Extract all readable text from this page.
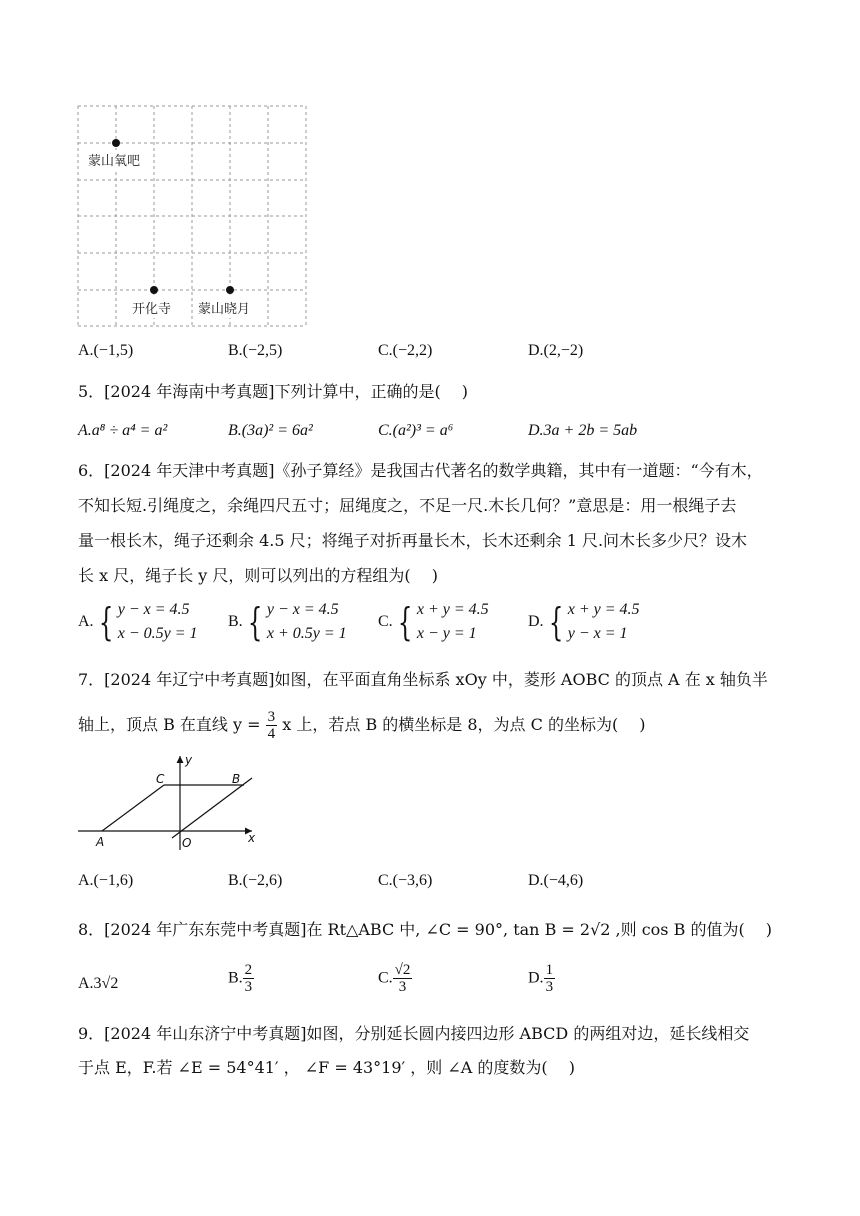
蒙山氧吧
开化寺 蒙山晓月
A.(−1,5)	B.(−2,5)	C.(−2,2)	D.(2,−2)
5．[2024 年海南中考真题]下列计算中，正确的是(　 )
A.a⁸ ÷ a⁴ = a²	B.(3a)² = 6a²	C.(a²)³ = a⁶	D.3a + 2b = 5ab
6．[2024 年天津中考真题]《孙子算经》是我国古代著名的数学典籍，其中有一道题：“今有木，
不知长短.引绳度之，余绳四尺五寸；屈绳度之，不足一尺.木长几何？”意思是：用一根绳子去
量一根长木，绳子还剩余 4.5 尺；将绳子对折再量长木，长木还剩余 1 尺.问木长多少尺？设木
长 x 尺，绳子长 y 尺，则可以列出的方程组为(　 )
A. { y − x = 4.5
x − 0.5y = 1
B. { y − x = 4.5
x + 0.5y = 1
C. { x + y = 4.5
x − y = 1
D. { x + y = 4.5
y − x = 1
7．[2024 年辽宁中考真题]如图，在平面直角坐标系 xOy 中，菱形 AOBC 的顶点 A 在 x 轴负半
轴上，顶点 B 在直线 $y = \frac{3}{4}$ x 上，若点 B 的横坐标是 8，为点 C 的坐标为(　 )
C	B
A	O	x
y
A.(−1,6)	B.(−2,6)	C.(−3,6)	D.(−4,6)
8．[2024 年广东东莞中考真题]在 Rt△ABC 中, ∠C = 90°, tan B = 2√2 ,则 cos B 的值为(　 )
A.3√2	B. $\frac{2}{3}$	C. $\frac{√2}{3}$	D. $\frac{1}{3}$
9．[2024 年山东济宁中考真题]如图，分别延长圆内接四边形 ABCD 的两组对边，延长线相交
于点 E，F.若 ∠E = 54°41′ ， ∠F = 43°19′ ，则 ∠A 的度数为(　 )
